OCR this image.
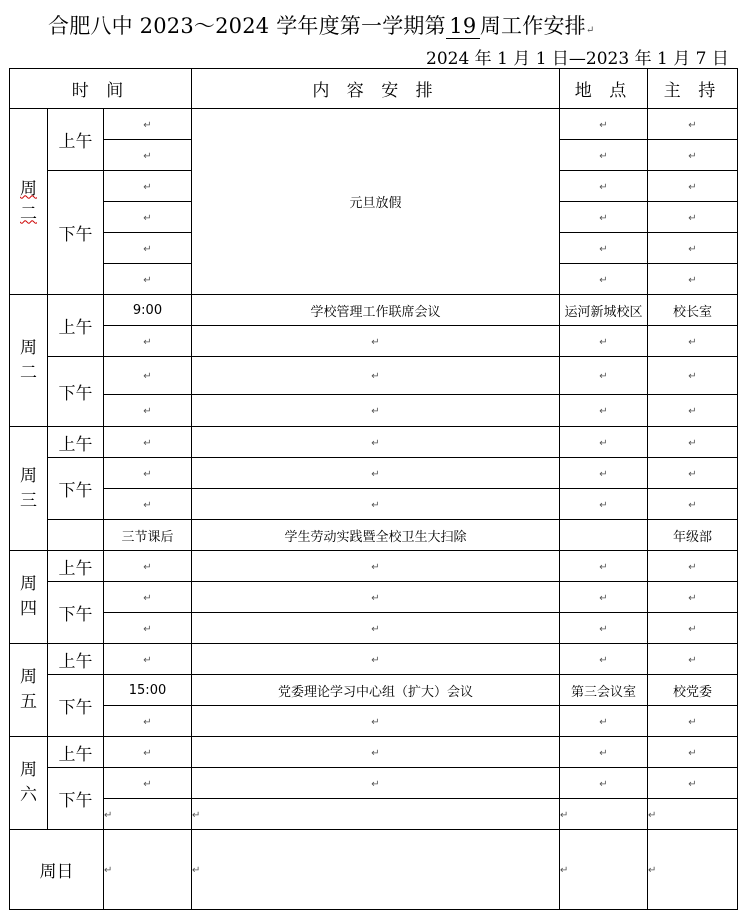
合肥八中 2023～2024 学年度第一学期第 19 周工作安排↵
2024 年 1 月 1 日—2023 年 1 月 7 日
时 间			内 容 安 排	地 点	主 持

周
二	上午	↵	元旦放假	↵	↵
		↵		↵	↵
	下午	↵		↵	↵
		↵		↵	↵
		↵		↵	↵
		↵		↵	↵

周
二	上午	9:00	学校管理工作联席会议	运河新城校区	校长室
		↵	↵	↵	↵
	下午	↵	↵	↵	↵
		↵	↵	↵	↵

周
三	上午	↵	↵	↵	↵
	下午	↵	↵	↵	↵
		↵	↵	↵	↵
		三节课后	学生劳动实践暨全校卫生大扫除		年级部

周
四	上午	↵	↵	↵	↵
	下午	↵	↵	↵	↵
		↵	↵	↵	↵

周
五	上午	↵	↵	↵	↵
	下午	15:00	党委理论学习中心组（扩大）会议	第三会议室	校党委
		↵	↵	↵	↵

周
六	上午	↵	↵	↵	↵
	下午	↵	↵	↵	↵
		↵	↵	↵	↵
周日		↵	↵	↵	↵
